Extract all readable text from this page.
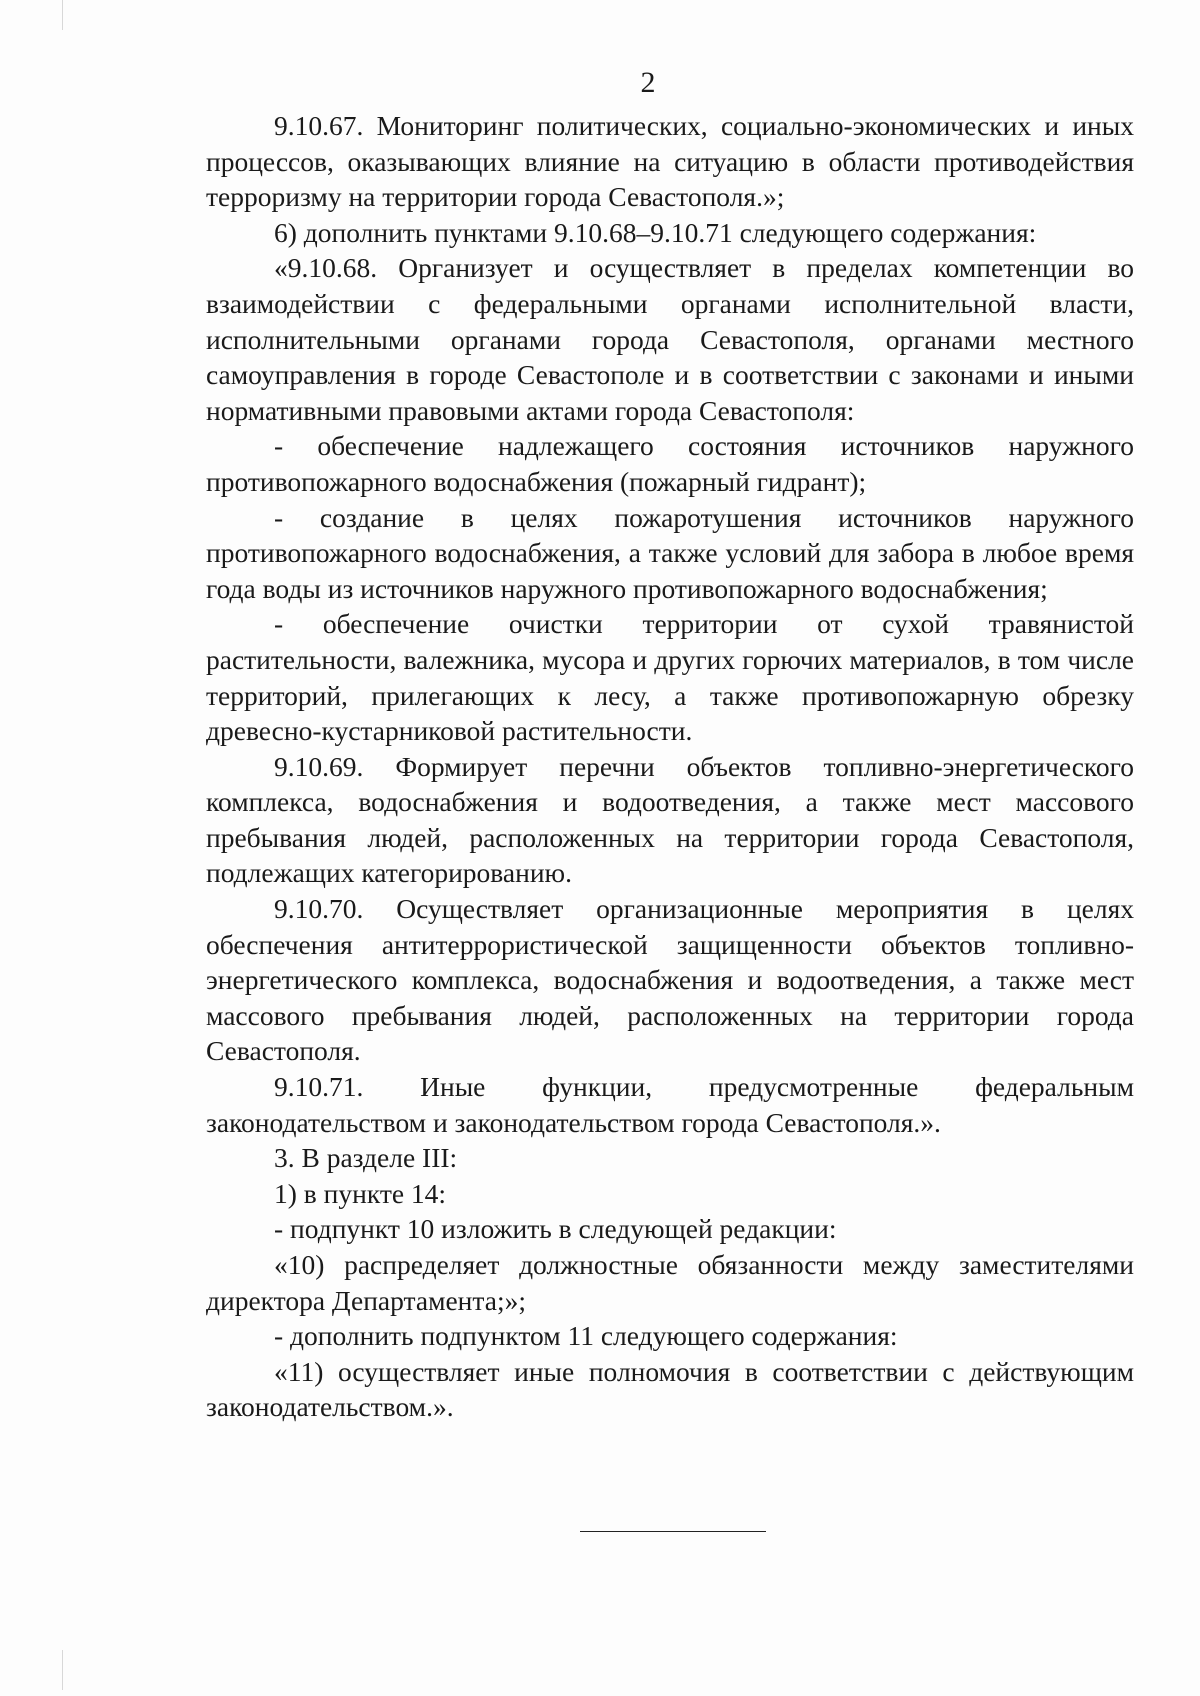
2

9.10.67. Мониторинг политических, социально-экономических и иных процессов, оказывающих влияние на ситуацию в области противодействия терроризму на территории города Севастополя.»;

6) дополнить пунктами 9.10.68–9.10.71 следующего содержания:

«9.10.68. Организует и осуществляет в пределах компетенции во взаимодействии с федеральными органами исполнительной власти, исполнительными органами города Севастополя, органами местного самоуправления в городе Севастополе и в соответствии с законами и иными нормативными правовыми актами города Севастополя:

- обеспечение надлежащего состояния источников наружного противопожарного водоснабжения (пожарный гидрант);

- создание в целях пожаротушения источников наружного противопожарного водоснабжения, а также условий для забора в любое время года воды из источников наружного противопожарного водоснабжения;

- обеспечение очистки территории от сухой травянистой растительности, валежника, мусора и других горючих материалов, в том числе территорий, прилегающих к лесу, а также противопожарную обрезку древесно-кустарниковой растительности.

9.10.69. Формирует перечни объектов топливно-энергетического комплекса, водоснабжения и водоотведения, а также мест массового пребывания людей, расположенных на территории города Севастополя, подлежащих категорированию.

9.10.70. Осуществляет организационные мероприятия в целях обеспечения антитеррористической защищенности объектов топливно-энергетического комплекса, водоснабжения и водоотведения, а также мест массового пребывания людей, расположенных на территории города Севастополя.

9.10.71. Иные функции, предусмотренные федеральным законодательством и законодательством города Севастополя.».

3. В разделе III:

1) в пункте 14:

- подпункт 10 изложить в следующей редакции:

«10) распределяет должностные обязанности между заместителями директора Департамента;»;

- дополнить подпунктом 11 следующего содержания:

«11) осуществляет иные полномочия в соответствии с действующим законодательством.».
